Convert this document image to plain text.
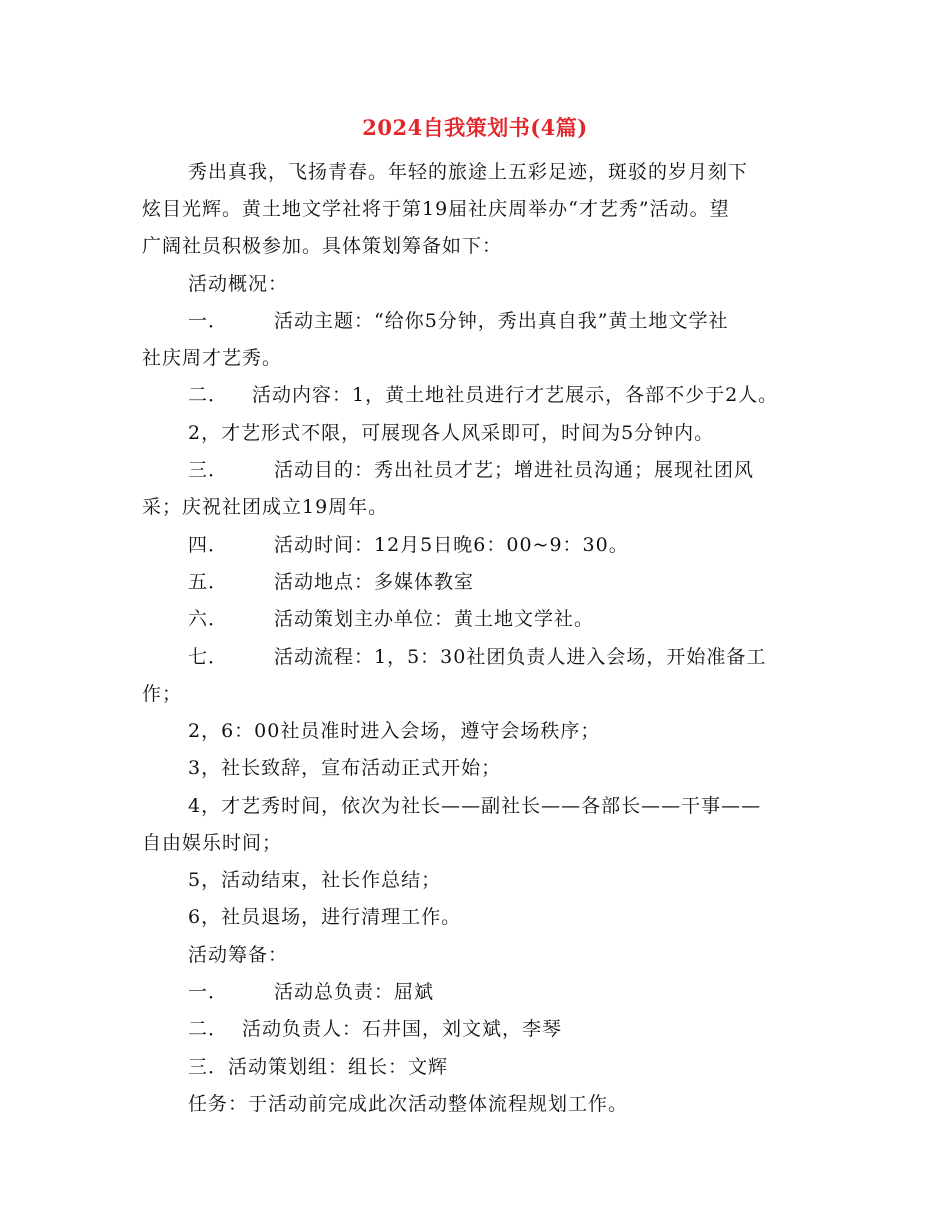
2024自我策划书(4篇)
秀出真我，飞扬青春。年轻的旅途上五彩足迹，斑驳的岁月刻下
炫目光辉。黄土地文学社将于第19届社庆周举办“才艺秀”活动。望
广阔社员积极参加。具体策划筹备如下：
活动概况：
一． 活动主题：“给你5分钟，秀出真自我”黄土地文学社
社庆周才艺秀。
二． 活动内容：1，黄土地社员进行才艺展示，各部不少于2人。
2，才艺形式不限，可展现各人风采即可，时间为5分钟内。
三． 活动目的：秀出社员才艺；增进社员沟通；展现社团风
采；庆祝社团成立19周年。
四． 活动时间：12月5日晚6：00~9：30。
五． 活动地点：多媒体教室
六． 活动策划主办单位：黄土地文学社。
七． 活动流程：1，5：30社团负责人进入会场，开始准备工
作；
2，6：00社员准时进入会场，遵守会场秩序；
3，社长致辞，宣布活动正式开始；
4，才艺秀时间，依次为社长——副社长——各部长——干事——
自由娱乐时间；
5，活动结束，社长作总结；
6，社员退场，进行清理工作。
活动筹备：
一． 活动总负责：屈斌
二． 活动负责人：石井国，刘文斌，李琴
三．活动策划组：组长：文辉
任务：于活动前完成此次活动整体流程规划工作。
